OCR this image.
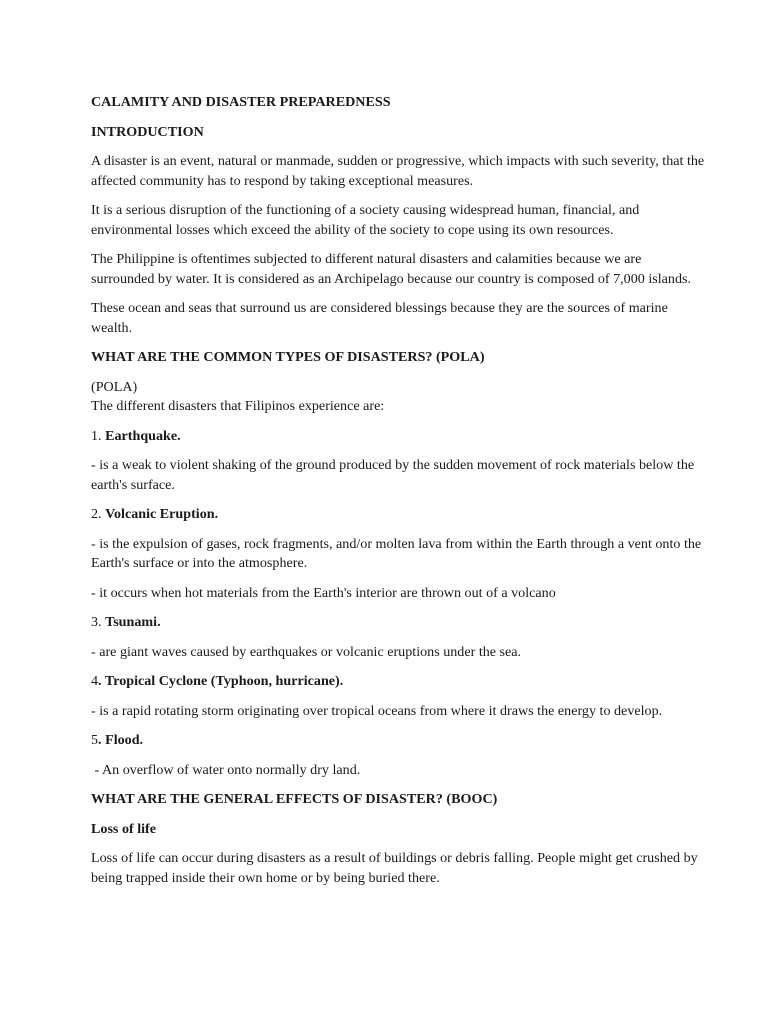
CALAMITY AND DISASTER PREPAREDNESS

INTRODUCTION

A disaster is an event, natural or manmade, sudden or progressive, which impacts with such severity, that the affected community has to respond by taking exceptional measures.

It is a serious disruption of the functioning of a society causing widespread human, financial, and environmental losses which exceed the ability of the society to cope using its own resources.

The Philippine is oftentimes subjected to different natural disasters and calamities because we are surrounded by water. It is considered as an Archipelago because our country is composed of 7,000 islands.

These ocean and seas that surround us are considered blessings because they are the sources of marine wealth.

WHAT ARE THE COMMON TYPES OF DISASTERS? (POLA)

(POLA)

The different disasters that Filipinos experience are:

1. Earthquake.

- is a weak to violent shaking of the ground produced by the sudden movement of rock materials below the earth's surface.

2. Volcanic Eruption.

- is the expulsion of gases, rock fragments, and/or molten lava from within the Earth through a vent onto the Earth's surface or into the atmosphere.

- it occurs when hot materials from the Earth's interior are thrown out of a volcano

3. Tsunami.

- are giant waves caused by earthquakes or volcanic eruptions under the sea.

4. Tropical Cyclone (Typhoon, hurricane).

- is a rapid rotating storm originating over tropical oceans from where it draws the energy to develop.

5. Flood.

- An overflow of water onto normally dry land.

WHAT ARE THE GENERAL EFFECTS OF DISASTER? (BOOC)

Loss of life

Loss of life can occur during disasters as a result of buildings or debris falling. People might get crushed by being trapped inside their own home or by being buried there.
